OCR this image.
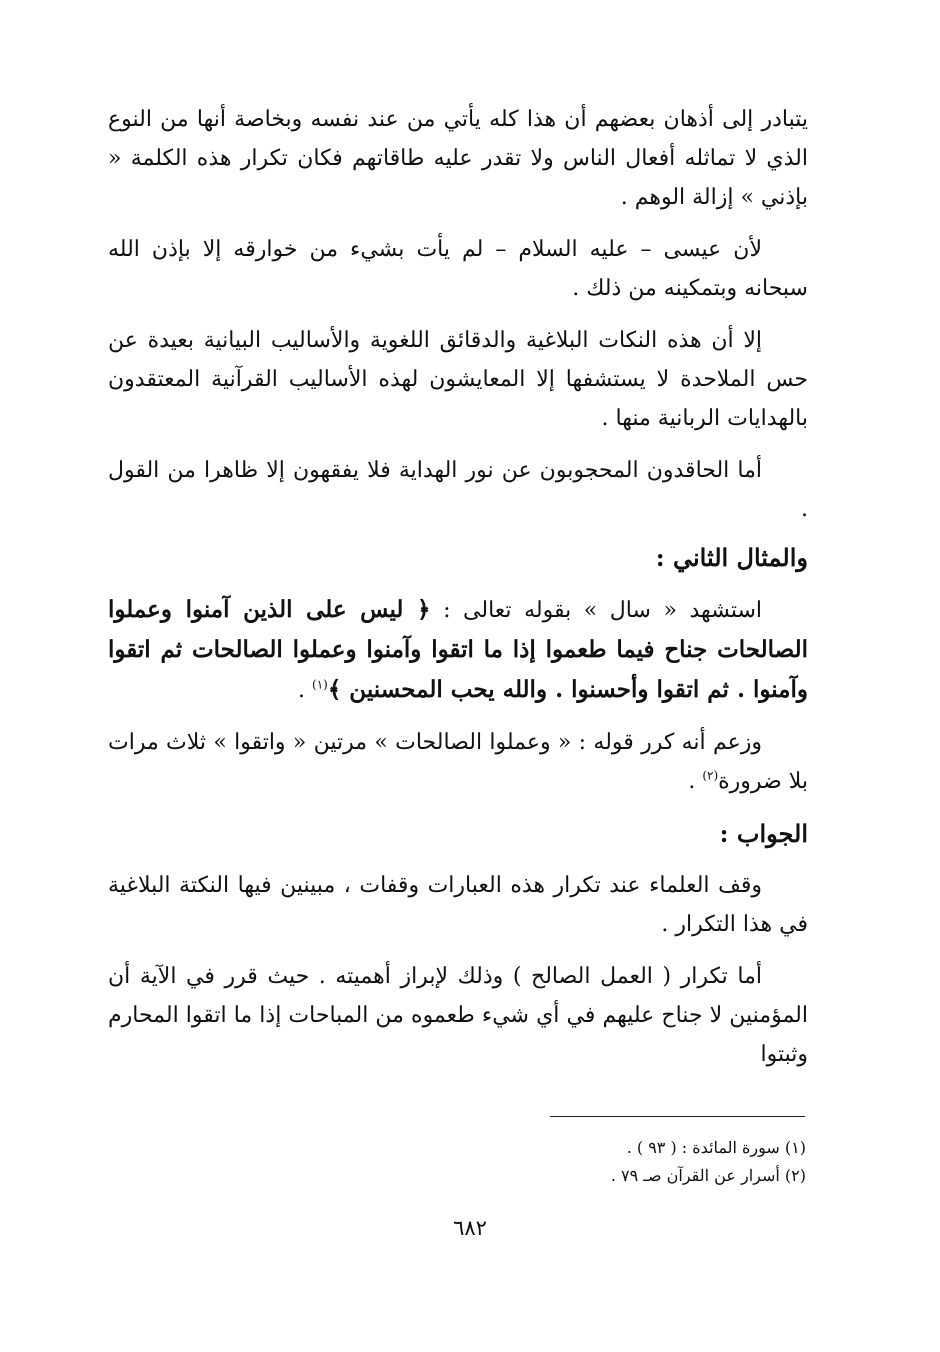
يتبادر إلى أذهان بعضهم أن هذا كله يأتي من عند نفسه وبخاصة أنها من النوع الذي لا تماثله أفعال الناس ولا تقدر عليه طاقاتهم فكان تكرار هذه الكلمة « بإذني » إزالة الوهم .

لأن عيسى – عليه السلام – لم يأت بشيء من خوارقه إلا بإذن الله سبحانه وبتمكينه من ذلك .

إلا أن هذه النكات البلاغية والدقائق اللغوية والأساليب البيانية بعيدة عن حس الملاحدة لا يستشفها إلا المعايشون لهذه الأساليب القرآنية المعتقدون بالهدايات الربانية منها .

أما الحاقدون المحجوبون عن نور الهداية فلا يفقهون إلا ظاهرا من القول .

والمثال الثاني :

استشهد « سال » بقوله تعالى : ﴿ ليس على الذين آمنوا وعملوا الصالحات جناح فيما طعموا إذا ما اتقوا وآمنوا وعملوا الصالحات ثم اتقوا وآمنوا . ثم اتقوا وأحسنوا . والله يحب المحسنين ﴾$^{(١)}$ .

وزعم أنه كرر قوله : « وعملوا الصالحات » مرتين « واتقوا » ثلاث مرات بلا ضرورة$^{(٢)}$ .

الجواب :

وقف العلماء عند تكرار هذه العبارات وقفات ، مبينين فيها النكتة البلاغية في هذا التكرار .

أما تكرار ( العمل الصالح ) وذلك لإبراز أهميته . حيث قرر في الآية أن المؤمنين لا جناح عليهم في أي شيء طعموه من المباحات إذا ما اتقوا المحارم وثبتوا

(١) سورة المائدة : ( ٩٣ ) .
(٢) أسرار عن القرآن صـ ٧٩ .
٦٨٢
